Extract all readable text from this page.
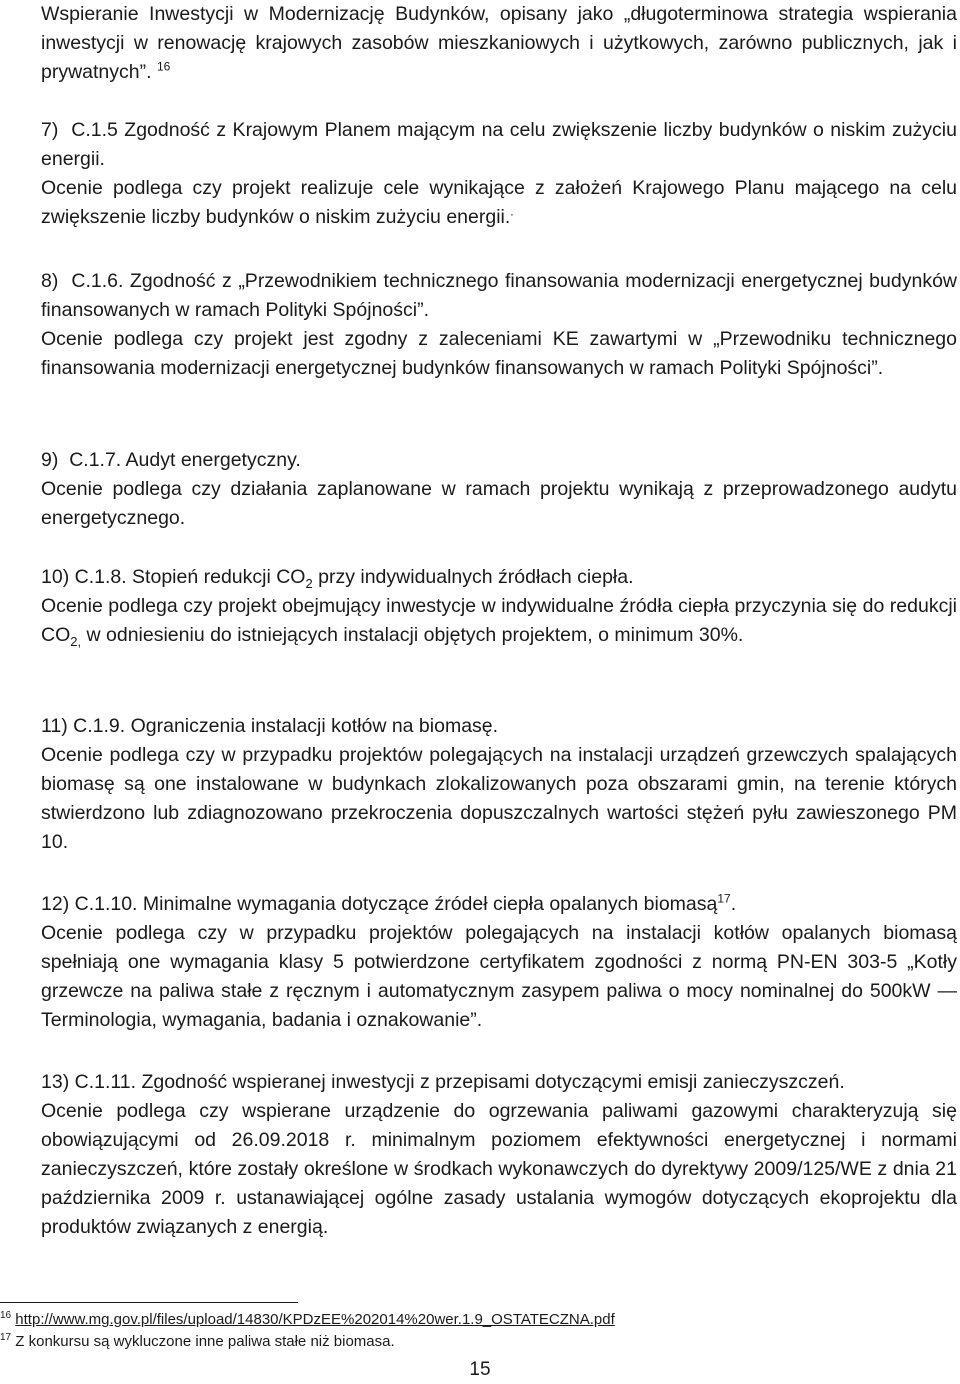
Wspieranie Inwestycji w Modernizację Budynków, opisany jako „długoterminowa strategia wspierania inwestycji w renowację krajowych zasobów mieszkaniowych i użytkowych, zarówno publicznych, jak i prywatnych”. $^{16}$

7) C.1.5 Zgodność z Krajowym Planem mającym na celu zwiększenie liczby budynków o niskim zużyciu energii.

Ocenie podlega czy projekt realizuje cele wynikające z założeń Krajowego Planu mającego na celu zwiększenie liczby budynków o niskim zużyciu energii..

8) C.1.6. Zgodność z „Przewodnikiem technicznego finansowania modernizacji energetycznej budynków finansowanych w ramach Polityki Spójności”.

Ocenie podlega czy projekt jest zgodny z zaleceniami KE zawartymi w „Przewodniku technicznego finansowania modernizacji energetycznej budynków finansowanych w ramach Polityki Spójności”.

9) C.1.7. Audyt energetyczny.

Ocenie podlega czy działania zaplanowane w ramach projektu wynikają z przeprowadzonego audytu energetycznego.

10) C.1.8. Stopień redukcji $CO_2$ przy indywidualnych źródłach ciepła.

Ocenie podlega czy projekt obejmujący inwestycje w indywidualne źródła ciepła przyczynia się do redukcji $CO_{2,}$ w odniesieniu do istniejących instalacji objętych projektem, o minimum 30%.

11) C.1.9. Ograniczenia instalacji kotłów na biomasę.

Ocenie podlega czy w przypadku projektów polegających na instalacji urządzeń grzewczych spalających biomasę są one instalowane w budynkach zlokalizowanych poza obszarami gmin, na terenie których stwierdzono lub zdiagnozowano przekroczenia dopuszczalnych wartości stężeń pyłu zawieszonego PM 10.

12) C.1.10. Minimalne wymagania dotyczące źródeł ciepła opalanych biomasą$^{17}$.

Ocenie podlega czy w przypadku projektów polegających na instalacji kotłów opalanych biomasą spełniają one wymagania klasy 5 potwierdzone certyfikatem zgodności z normą PN-EN 303-5 „Kotły grzewcze na paliwa stałe z ręcznym i automatycznym zasypem paliwa o mocy nominalnej do 500kW — Terminologia, wymagania, badania i oznakowanie”.

13) C.1.11. Zgodność wspieranej inwestycji z przepisami dotyczącymi emisji zanieczyszczeń.

Ocenie podlega czy wspierane urządzenie do ogrzewania paliwami gazowymi charakteryzują się obowiązującymi od 26.09.2018 r. minimalnym poziomem efektywności energetycznej i normami zanieczyszczeń, które zostały określone w środkach wykonawczych do dyrektywy 2009/125/WE z dnia 21 października 2009 r. ustanawiającej ogólne zasady ustalania wymogów dotyczących ekoprojektu dla produktów związanych z energią.

$^{16}$ http://www.mg.gov.pl/files/upload/14830/KPDzEE%202014%20wer.1.9_OSTATECZNA.pdf

$^{17}$ Z konkursu są wykluczone inne paliwa stałe niż biomasa.

15
